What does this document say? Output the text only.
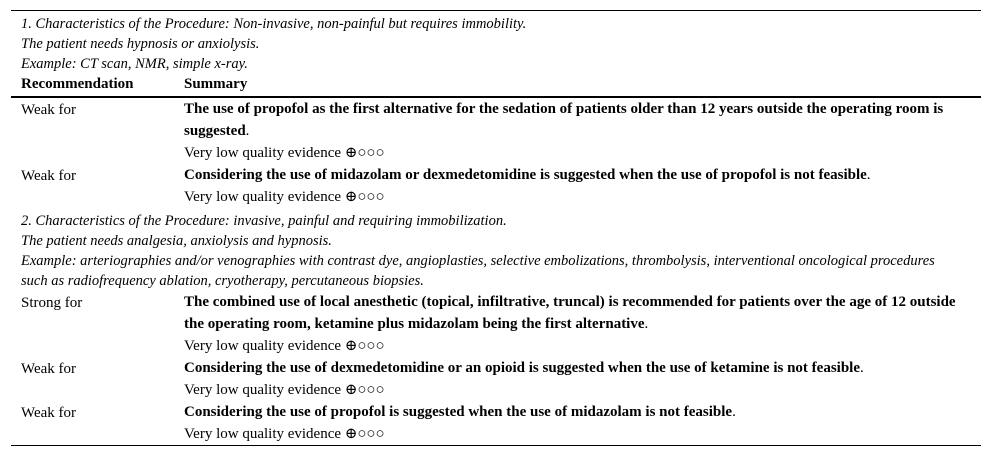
1. Characteristics of the Procedure: Non-invasive, non-painful but requires immobility.
The patient needs hypnosis or anxiolysis.
Example: CT scan, NMR, simple x-ray.
Recommendation	Summary
Weak for	The use of propofol as the first alternative for the sedation of patients older than 12 years outside the operating room is suggested.
Very low quality evidence ⊕○○○
Weak for	Considering the use of midazolam or dexmedetomidine is suggested when the use of propofol is not feasible.
Very low quality evidence ⊕○○○
2. Characteristics of the Procedure: invasive, painful and requiring immobilization.
The patient needs analgesia, anxiolysis and hypnosis.
Example: arteriographies and/or venographies with contrast dye, angioplasties, selective embolizations, thrombolysis, interventional oncological procedures such as radiofrequency ablation, cryotherapy, percutaneous biopsies.
Strong for	The combined use of local anesthetic (topical, infiltrative, truncal) is recommended for patients over the age of 12 outside the operating room, ketamine plus midazolam being the first alternative.
Very low quality evidence ⊕○○○
Weak for	Considering the use of dexmedetomidine or an opioid is suggested when the use of ketamine is not feasible.
Very low quality evidence ⊕○○○
Weak for	Considering the use of propofol is suggested when the use of midazolam is not feasible.
Very low quality evidence ⊕○○○
